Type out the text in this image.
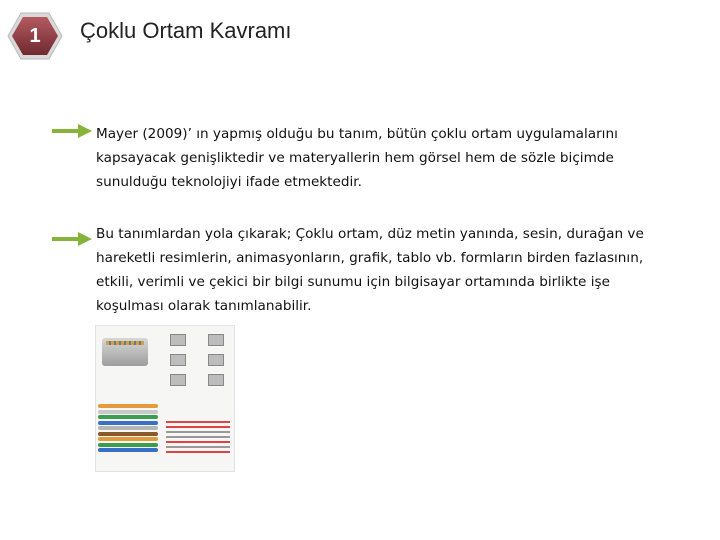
1	Çoklu Ortam Kavramı
Mayer (2009)’ ın yapmış olduğu bu tanım, bütün çoklu ortam uygulamalarını kapsayacak genişliktedir ve materyallerin hem görsel hem de sözle biçimde sunulduğu teknolojiyi ifade etmektedir.
Bu tanımlardan yola çıkarak; Çoklu ortam, düz metin yanında, sesin, durağan ve hareketli resimlerin, animasyonların, grafik, tablo vb. formların birden fazlasının, etkili, verimli ve çekici bir bilgi sunumu için bilgisayar ortamında birlikte işe koşulması olarak tanımlanabilir.
Çoklu Ortam Uygulamalarının
Kuramsal Temelleri
